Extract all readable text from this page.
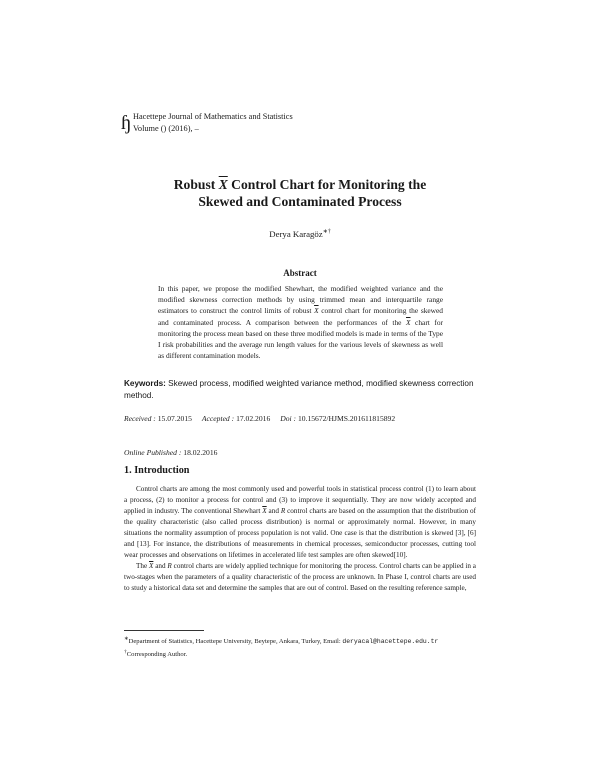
ɧ Hacettepe Journal of Mathematics and Statistics
Volume () (2016), –
Robust $\overline{X}$ Control Chart for Monitoring the
Skewed and Contaminated Process
Derya Karagöz∗†
Abstract
In this paper, we propose the modified Shewhart, the modified weighted variance and the modified skewness correction methods by using trimmed mean and interquartile range estimators to construct the control limits of robust $\overline{X}$ control chart for monitoring the skewed and contaminated process. A comparison between the performances of the $\overline{X}$ chart for monitoring the process mean based on these three modified models is made in terms of the Type I risk probabilities and the average run length values for the various levels of skewness as well as different contamination models.
Keywords: Skewed process, modified weighted variance method, modified skewness correction method.
Received : 15.07.2015 Accepted : 17.02.2016 Doi : 10.15672/HJMS.201611815892
Online Published : 18.02.2016
1. Introduction

Control charts are among the most commonly used and powerful tools in statistical process control (1) to learn about a process, (2) to monitor a process for control and (3) to improve it sequentially. They are now widely accepted and applied in industry. The conventional Shewhart $\overline{X}$ and R control charts are based on the assumption that the distribution of the quality characteristic (also called process distribution) is normal or approximately normal. However, in many situations the normality assumption of process population is not valid. One case is that the distribution is skewed [3], [6] and [13]. For instance, the distributions of measurements in chemical processes, semiconductor processes, cutting tool wear processes and observations on lifetimes in accelerated life test samples are often skewed[10].

The $\overline{X}$ and R control charts are widely applied technique for monitoring the process. Control charts can be applied in a two-stages when the parameters of a quality characteristic of the process are unknown. In Phase I, control charts are used to study a historical data set and determine the samples that are out of control. Based on the resulting reference sample,

∗Department of Statistics, Hacettepe University, Beytepe, Ankara, Turkey, Email: deryacal@hacettepe.edu.tr

†Corresponding Author.
